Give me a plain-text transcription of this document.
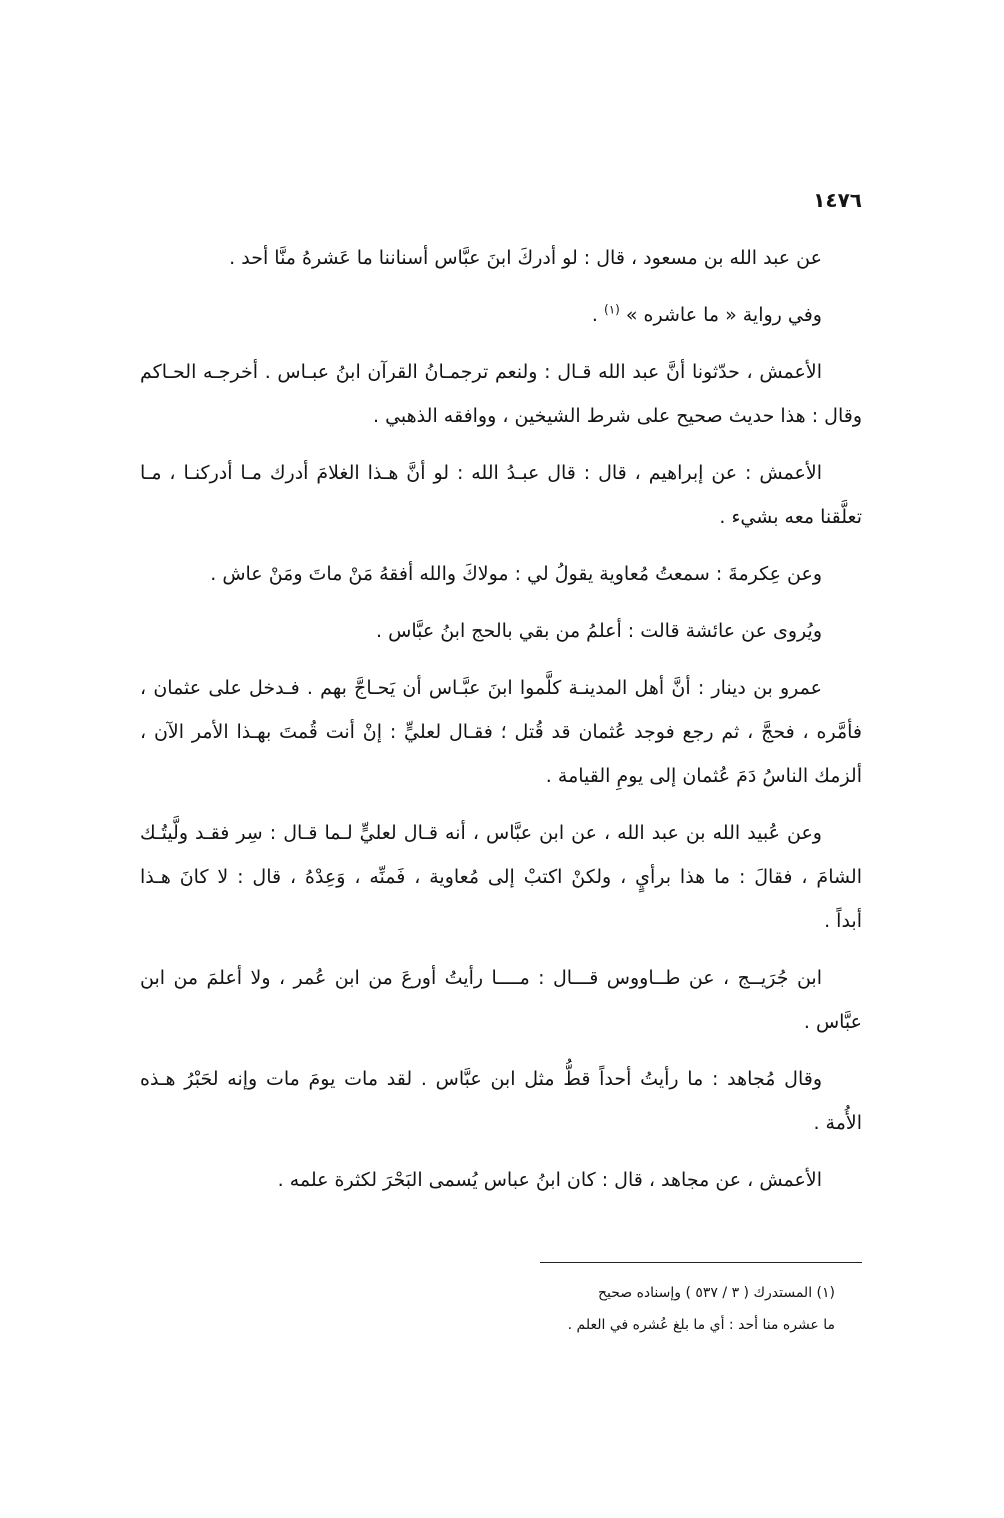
١٤٧٦
عن عبد الله بن مسعود ، قال : لو أدركَ ابنَ عبَّاس أسناننا ما عَشرهُ منَّا أحد .
وفي رواية « ما عاشره » $^{(١)}$ .
الأعمش ، حدّثونا أنَّ عبد الله قـال : ولنعم ترجمـانُ القرآن ابنُ عبـاس . أخرجـه الحـاكم
وقال : هذا حديث صحيح على شرط الشيخين ، ووافقه الذهبي .
الأعمش : عن إبراهيم ، قال : قال عبـدُ الله : لو أنَّ هـذا الغلامَ أدرك مـا أدركنـا ، مـا
تعلَّقنا معه بشيء .
وعن عِكرمةَ : سمعتُ مُعاوية يقولُ لي : مولاكَ والله أفقهُ مَنْ ماتَ ومَنْ عاش .
ويُروى عن عائشة قالت : أعلمُ من بقي بالحج ابنُ عبَّاس .
عمرو بن دينار : أنَّ أهل المدينـة كلَّموا ابنَ عبَّـاس أن يَحـاجَّ بهم . فـدخل على عثمان ،
فأمَّره ، فحجَّ ، ثم رجع فوجد عُثمان قد قُتل ؛ فقـال لعليٍّ : إنْ أنت قُمتَ بهـذا الأمر الآن ،
ألزمك الناسُ دَمَ عُثمان إلى يومِ القيامة .
وعن عُبيد الله بن عبد الله ، عن ابن عبَّاس ، أنه قـال لعليٍّ لـما قـال : سِر فقـد ولَّيتُـك
الشامَ ، فقالَ : ما هذا برأيٍ ، ولكنْ اكتبْ إلى مُعاوية ، فَمنِّه ، وَعِدْهُ ، قال : لا كانَ هـذا
أبداً .
ابن جُرَيــج ، عن طــاووس قـــال : مــــا رأيتُ أورعَ من ابن عُمر ، ولا أعلمَ من ابن
عبَّاس .
وقال مُجاهد : ما رأيتُ أحداً قطُّ مثل ابن عبَّاس . لقد مات يومَ مات وإنه لحَبْرُ هـذه
الأُمة .
الأعمش ، عن مجاهد ، قال : كان ابنُ عباس يُسمى البَحْرَ لكثرة علمه .
(١) المستدرك ( ٣ / ٥٣٧ ) وإسناده صحيح
ما عشره منا أحد : أي ما بلغ عُشره في العلم .
